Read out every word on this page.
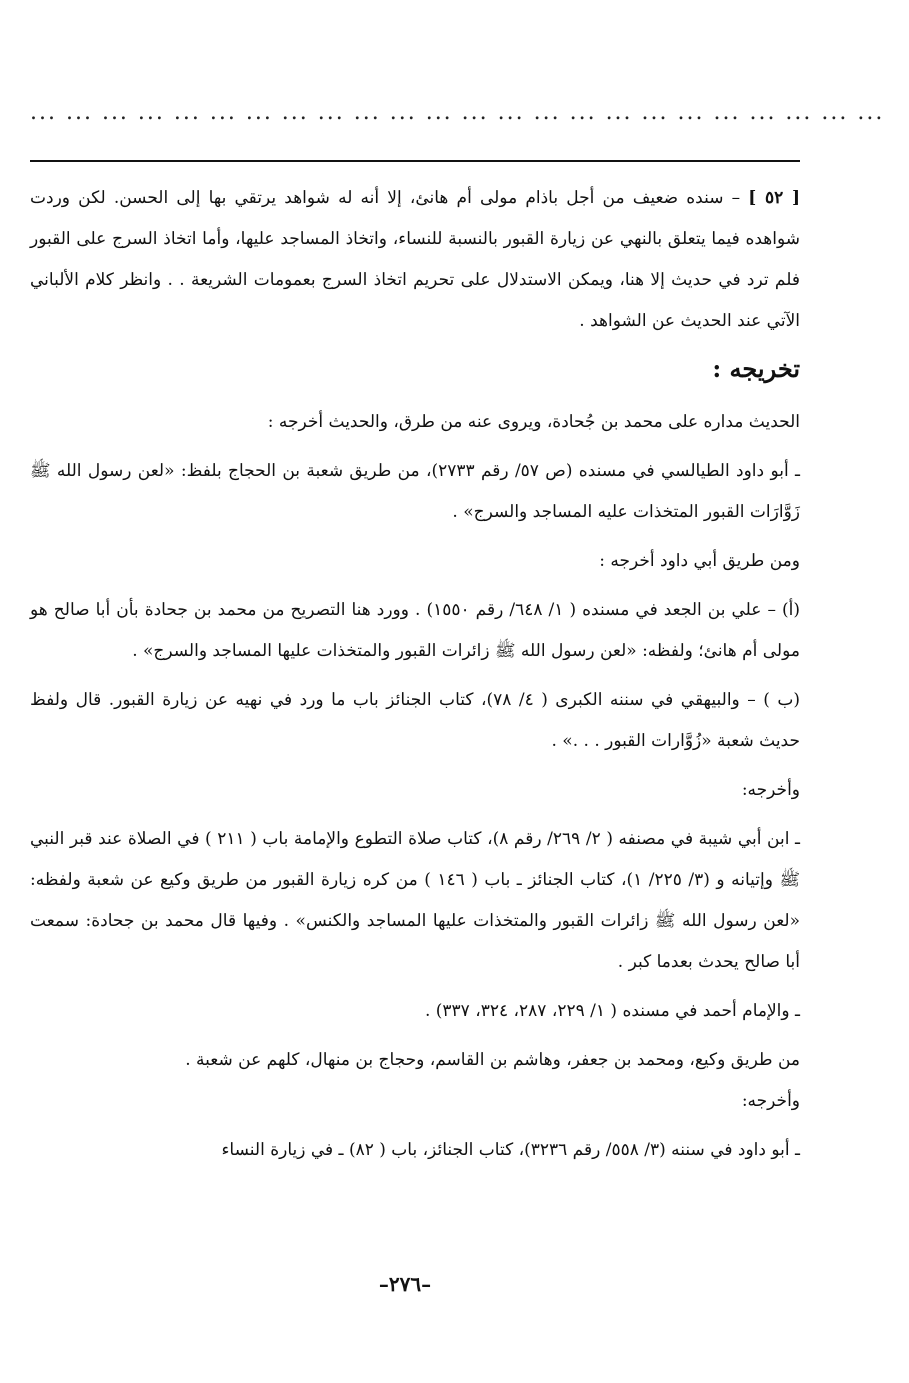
... ... ... ... ... ... ... ... ... ... ... ... ... ... ... ... ... ... ... ... ... ... ... ...

[ ٥٢ ] – سنده ضعيف من أجل باذام مولى أم هانئ، إلا أنه له شواهد يرتقي بها إلى الحسن. لكن وردت شواهده فيما يتعلق بالنهي عن زيارة القبور بالنسبة للنساء، واتخاذ المساجد عليها، وأما اتخاذ السرج على القبور فلم ترد في حديث إلا هنا، ويمكن الاستدلال على تحريم اتخاذ السرج بعمومات الشريعة . . وانظر كلام الألباني الآتي عند الحديث عن الشواهد .

تخريجه :

الحديث مداره على محمد بن جُحادة، ويروى عنه من طرق، والحديث أخرجه :

ـ أبو داود الطيالسي في مسنده (ص ٥٧/ رقم ٢٧٣٣)، من طريق شعبة بن الحجاج بلفظ: «لعن رسول الله ﷺ زَوَّارَات القبور المتخذات عليه المساجد والسرج» .

ومن طريق أبي داود أخرجه :

(أ) – علي بن الجعد في مسنده ( ١/ ٦٤٨/ رقم ١٥٥٠) . وورد هنا التصريح من محمد بن جحادة بأن أبا صالح هو مولى أم هانئ؛ ولفظه: «لعن رسول الله ﷺ زائرات القبور والمتخذات عليها المساجد والسرج» .

(ب ) – والبيهقي في سننه الكبرى ( ٤/ ٧٨)، كتاب الجنائز باب ما ورد في نهيه عن زيارة القبور. قال ولفظ حديث شعبة «زُوَّارات القبور . . .» .

وأخرجه:

ـ ابن أبي شيبة في مصنفه ( ٢/ ٢٦٩/ رقم ٨)، كتاب صلاة التطوع والإمامة باب ( ٢١١ ) في الصلاة عند قبر النبي ﷺ وإتيانه و (٣/ ٢٢٥/ ١)، كتاب الجنائز ـ باب ( ١٤٦ ) من كره زيارة القبور من طريق وكيع عن شعبة ولفظه: «لعن رسول الله ﷺ زائرات القبور والمتخذات عليها المساجد والكنس» . وفيها قال محمد بن جحادة: سمعت أبا صالح يحدث بعدما كبر .

ـ والإمام أحمد في مسنده ( ١/ ٢٢٩، ٢٨٧، ٣٢٤، ٣٣٧) .

من طريق وكيع، ومحمد بن جعفر، وهاشم بن القاسم، وحجاج بن منهال، كلهم عن شعبة .

وأخرجه:

ـ أبو داود في سننه (٣/ ٥٥٨/ رقم ٣٢٣٦)، كتاب الجنائز، باب ( ٨٢) ـ في زيارة النساء

–٢٧٦–
